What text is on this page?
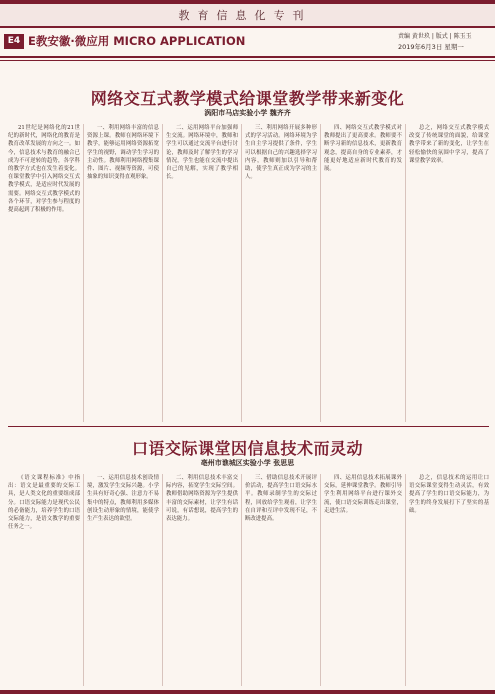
教育信息化专刊
E4 E教安徽·微应用 MICRO APPLICATION	责编 黄世玖 | 版式 | 陈玉玉
2019年6月3日 星期一
网络交互式教学模式给课堂教学带来新变化
涡阳市马店实验小学 魏齐齐

21世纪是网络化的21世纪的新时代，网络化的教育是教育改革发展的方向之一。如今，信息技术与教育的融合已成为不可逆转的趋势，各学科的教学方式也在发生着变化。在课堂教学中引入网络交互式教学模式，是适应时代发展的需要。网络交互式教学模式的各个环节，对学生参与程度的提高起到了积极的作用。

一、利用网络丰富的信息资源上课。教师在网络环境下教学，能够运用网络资源拓宽学生的视野，调动学生学习的主动性。教师利用网络搜集课件、图片、视频等资源，可使抽象的知识变得直观形象。

二、运用网络平台加强师生交流。网络环境中，教师和学生可以通过交流平台进行讨论，教师及时了解学生的学习情况，学生也能在交流中提出自己的见解，实现了教学相长。

三、利用网络开展多种形式的学习活动。网络环境为学生自主学习提供了条件，学生可以根据自己的兴趣选择学习内容，教师则加以引导和帮助，使学生真正成为学习的主人。

四、网络交互式教学模式对教师提出了更高要求。教师要不断学习新的信息技术，更新教育观念，提高自身的专业素养，才能更好地适应新时代教育的发展。

总之，网络交互式教学模式改变了传统课堂的面貌，给课堂教学带来了新的变化，让学生在轻松愉快的氛围中学习，提高了课堂教学效率。

口语交际课堂因信息技术而灵动
亳州市谯城区实验小学 张思思

《语文课程标准》中指出：语文是最重要的交际工具，是人类文化的重要组成部分。口语交际能力是现代公民的必备能力，培养学生的口语交际能力，是语文教学的重要任务之一。

一、运用信息技术创设情境，激发学生交际兴趣。小学生具有好奇心强、注意力不易集中的特点，教师利用多媒体创设生动形象的情境，能使学生产生表达的欲望。

二、利用信息技术丰富交际内容，拓宽学生交际空间。教师借助网络资源为学生提供丰富的交际素材，让学生有话可说，有话想说，提高学生的表达能力。

三、借助信息技术开展评价活动，提高学生口语交际水平。教师录制学生的交际过程，回放给学生观看，让学生在自评和互评中发现不足，不断改进提高。

四、运用信息技术拓展课外交际，延伸课堂教学。教师引导学生利用网络平台进行课外交流，使口语交际训练走出课堂，走进生活。

总之，信息技术的运用让口语交际课堂变得生动灵活，有效提高了学生的口语交际能力，为学生的终身发展打下了坚实的基础。
